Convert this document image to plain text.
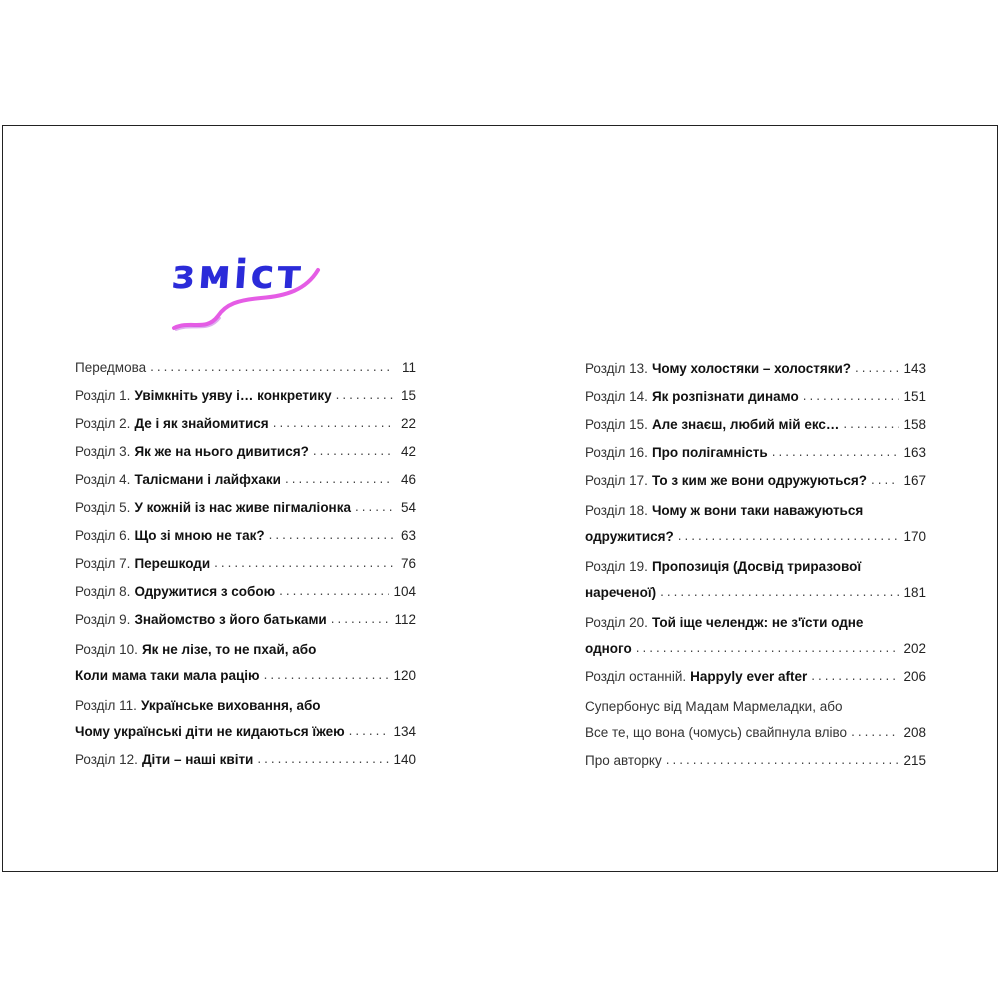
зміст
Передмова .....	11
Розділ 1. Увімкніть уяву і… конкретику .....	15
Розділ 2. Де і як знайомитися .....	22
Розділ 3. Як же на нього дивитися? .....	42
Розділ 4. Талісмани і лайфхаки .....	46
Розділ 5. У кожній із нас живе пігмаліонка .....	54
Розділ 6. Що зі мною не так? .....	63
Розділ 7. Перешкоди .....	76
Розділ 8. Одружитися з собою .....	104
Розділ 9. Знайомство з його батьками .....	112
Розділ 10. Як не лізе, то не пхай, або
Коли мама таки мала рацію .....	120
Розділ 11. Українське виховання, або
Чому українські діти не кидаються їжею .....	134
Розділ 12. Діти – наші квіти .....	140
Розділ 13. Чому холостяки – холостяки? .....	143
Розділ 14. Як розпізнати динамо .....	151
Розділ 15. Але знаєш, любий мій екс… .....	158
Розділ 16. Про полігамність .....	163
Розділ 17. То з ким же вони одружуються? .....	167
Розділ 18. Чому ж вони таки наважуються
одружитися? .....	170
Розділ 19. Пропозиція (Досвід триразової
нареченої) .....	181
Розділ 20. Той іще челендж: не з'їсти одне
одного .....	202
Розділ останній. Happyly ever after .....	206
Супербонус від Мадам Мармеладки, або
Все те, що вона (чомусь) свайпнула вліво .....	208
Про авторку .....	215
